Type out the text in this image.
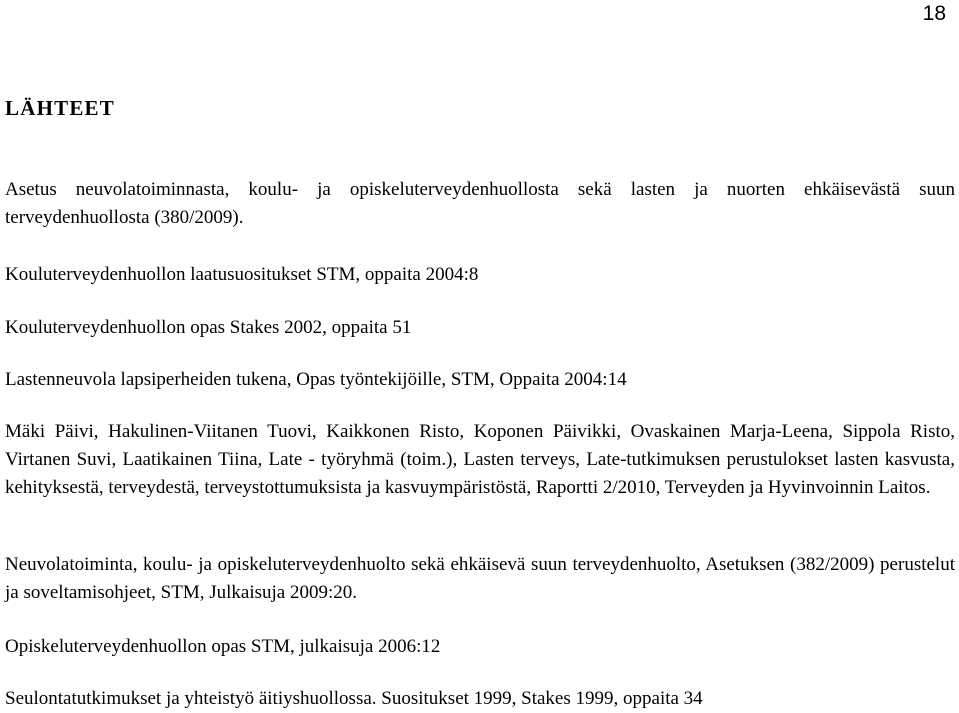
18
LÄHTEET
Asetus neuvolatoiminnasta, koulu- ja opiskeluterveydenhuollosta sekä lasten ja nuorten ehkäisevästä suun terveydenhuollosta (380/2009).
Kouluterveydenhuollon laatusuositukset STM, oppaita 2004:8
Kouluterveydenhuollon opas Stakes 2002, oppaita 51
Lastenneuvola lapsiperheiden tukena, Opas työntekijöille, STM, Oppaita 2004:14
Mäki Päivi, Hakulinen-Viitanen Tuovi, Kaikkonen Risto, Koponen Päivikki, Ovaskainen Marja-Leena, Sippola Risto, Virtanen Suvi, Laatikainen Tiina, Late - työryhmä (toim.), Lasten terveys, Late-tutkimuksen perustulokset lasten kasvusta, kehityksestä, terveydestä, terveystottumuksista ja kasvuympäristöstä, Raportti 2/2010, Terveyden ja Hyvinvoinnin Laitos.
Neuvolatoiminta, koulu- ja opiskeluterveydenhuolto sekä ehkäisevä suun terveydenhuolto, Asetuksen (382/2009) perustelut ja soveltamisohjeet, STM, Julkaisuja 2009:20.
Opiskeluterveydenhuollon opas STM, julkaisuja 2006:12
Seulontatutkimukset ja yhteistyö äitiyshuollossa. Suositukset 1999, Stakes 1999, oppaita 34
